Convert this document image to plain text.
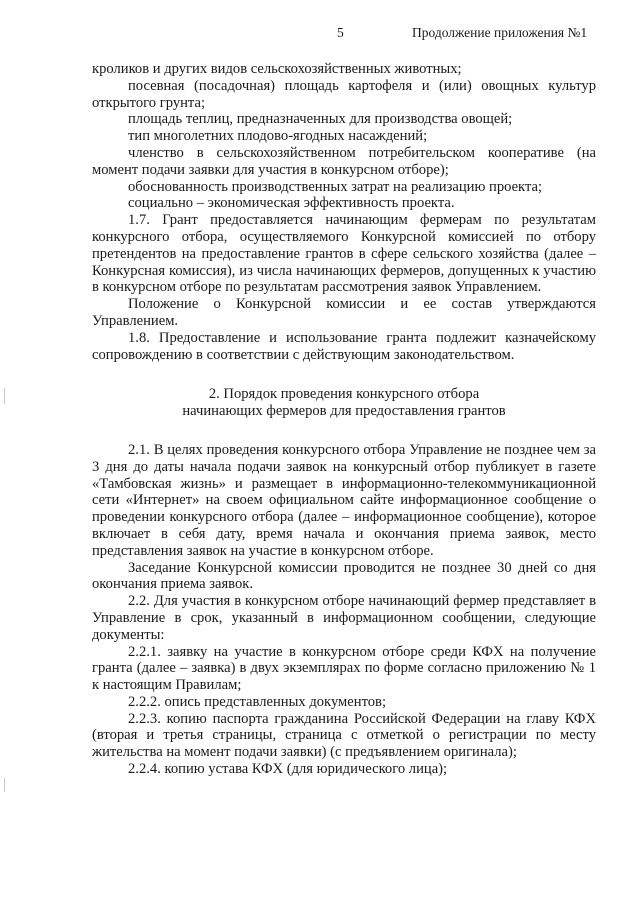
5	Продолжение приложения №1

кроликов и других видов сельскохозяйственных животных;

посевная (посадочная) площадь картофеля и (или) овощных культур открытого грунта;

площадь теплиц, предназначенных для производства овощей;

тип многолетних плодово-ягодных насаждений;

членство в сельскохозяйственном потребительском кооперативе (на момент подачи заявки для участия в конкурсном отборе);

обоснованность производственных затрат на реализацию проекта;

социально – экономическая эффективность проекта.

1.7. Грант предоставляется начинающим фермерам по результатам конкурсного отбора, осуществляемого Конкурсной комиссией по отбору претендентов на предоставление грантов в сфере сельского хозяйства (далее – Конкурсная комиссия), из числа начинающих фермеров, допущенных к участию в конкурсном отборе по результатам рассмотрения заявок Управлением.

Положение о Конкурсной комиссии и ее состав утверждаются Управлением.

1.8. Предоставление и использование гранта подлежит казначейскому сопровождению в соответствии с действующим законодательством.

2. Порядок проведения конкурсного отбора
начинающих фермеров для предоставления грантов

2.1. В целях проведения конкурсного отбора Управление не позднее чем за 3 дня до даты начала подачи заявок на конкурсный отбор публикует в газете «Тамбовская жизнь» и размещает в информационно-телекоммуникационной сети «Интернет» на своем официальном сайте информационное сообщение о проведении конкурсного отбора (далее – информационное сообщение), которое включает в себя дату, время начала и окончания приема заявок, место представления заявок на участие в конкурсном отборе.

Заседание Конкурсной комиссии проводится не позднее 30 дней со дня окончания приема заявок.

2.2. Для участия в конкурсном отборе начинающий фермер представляет в Управление в срок, указанный в информационном сообщении, следующие документы:

2.2.1. заявку на участие в конкурсном отборе среди КФХ на получение гранта (далее – заявка) в двух экземплярах по форме согласно приложению № 1 к настоящим Правилам;

2.2.2. опись представленных документов;

2.2.3. копию паспорта гражданина Российской Федерации на главу КФХ (вторая и третья страницы, страница с отметкой о регистрации по месту жительства на момент подачи заявки) (с предъявлением оригинала);

2.2.4. копию устава КФХ (для юридического лица);
